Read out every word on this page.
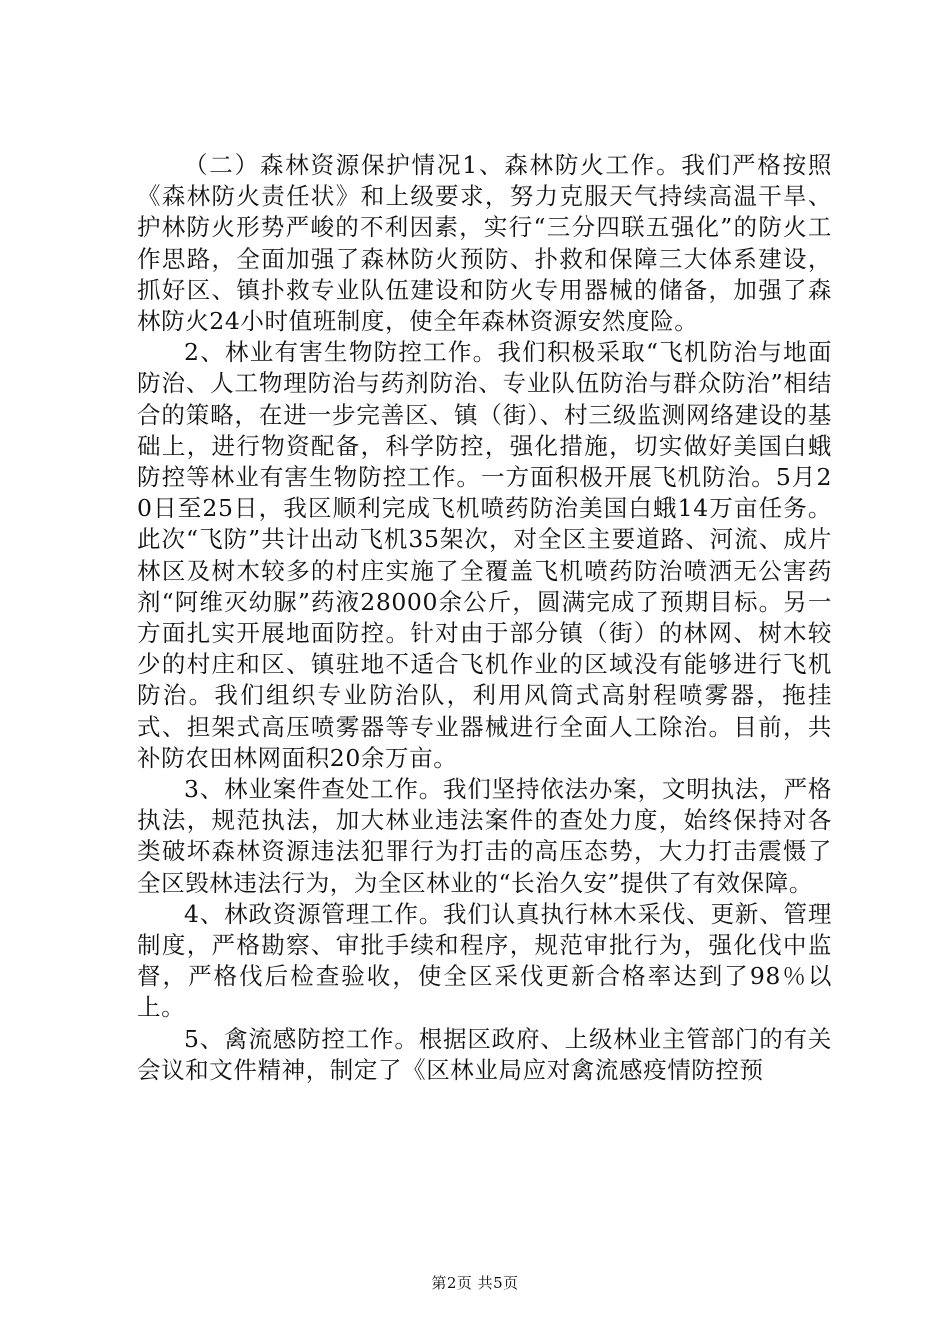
（二）森林资源保护情况1、森林防火工作。我们严格按照《森林防火责任状》和上级要求，努力克服天气持续高温干旱、护林防火形势严峻的不利因素，实行“三分四联五强化”的防火工作思路，全面加强了森林防火预防、扑救和保障三大体系建设，抓好区、镇扑救专业队伍建设和防火专用器械的储备，加强了森林防火24小时值班制度，使全年森林资源安然度险。

2、林业有害生物防控工作。我们积极采取“飞机防治与地面防治、人工物理防治与药剂防治、专业队伍防治与群众防治”相结合的策略，在进一步完善区、镇（街）、村三级监测网络建设的基础上，进行物资配备，科学防控，强化措施，切实做好美国白蛾防控等林业有害生物防控工作。一方面积极开展飞机防治。5月20日至25日，我区顺利完成飞机喷药防治美国白蛾14万亩任务。此次“飞防”共计出动飞机35架次，对全区主要道路、河流、成片林区及树木较多的村庄实施了全覆盖飞机喷药防治喷洒无公害药剂“阿维灭幼脲”药液28000余公斤，圆满完成了预期目标。另一方面扎实开展地面防控。针对由于部分镇（街）的林网、树木较少的村庄和区、镇驻地不适合飞机作业的区域没有能够进行飞机防治。我们组织专业防治队，利用风筒式高射程喷雾器，拖挂式、担架式高压喷雾器等专业器械进行全面人工除治。目前，共补防农田林网面积20余万亩。

3、林业案件查处工作。我们坚持依法办案，文明执法，严格执法，规范执法，加大林业违法案件的查处力度，始终保持对各类破坏森林资源违法犯罪行为打击的高压态势，大力打击震慑了全区毁林违法行为，为全区林业的“长治久安”提供了有效保障。

4、林政资源管理工作。我们认真执行林木采伐、更新、管理制度，严格勘察、审批手续和程序，规范审批行为，强化伐中监督，严格伐后检查验收，使全区采伐更新合格率达到了98％以上。

5、禽流感防控工作。根据区政府、上级林业主管部门的有关会议和文件精神，制定了《区林业局应对禽流感疫情防控预

第2页 共5页
